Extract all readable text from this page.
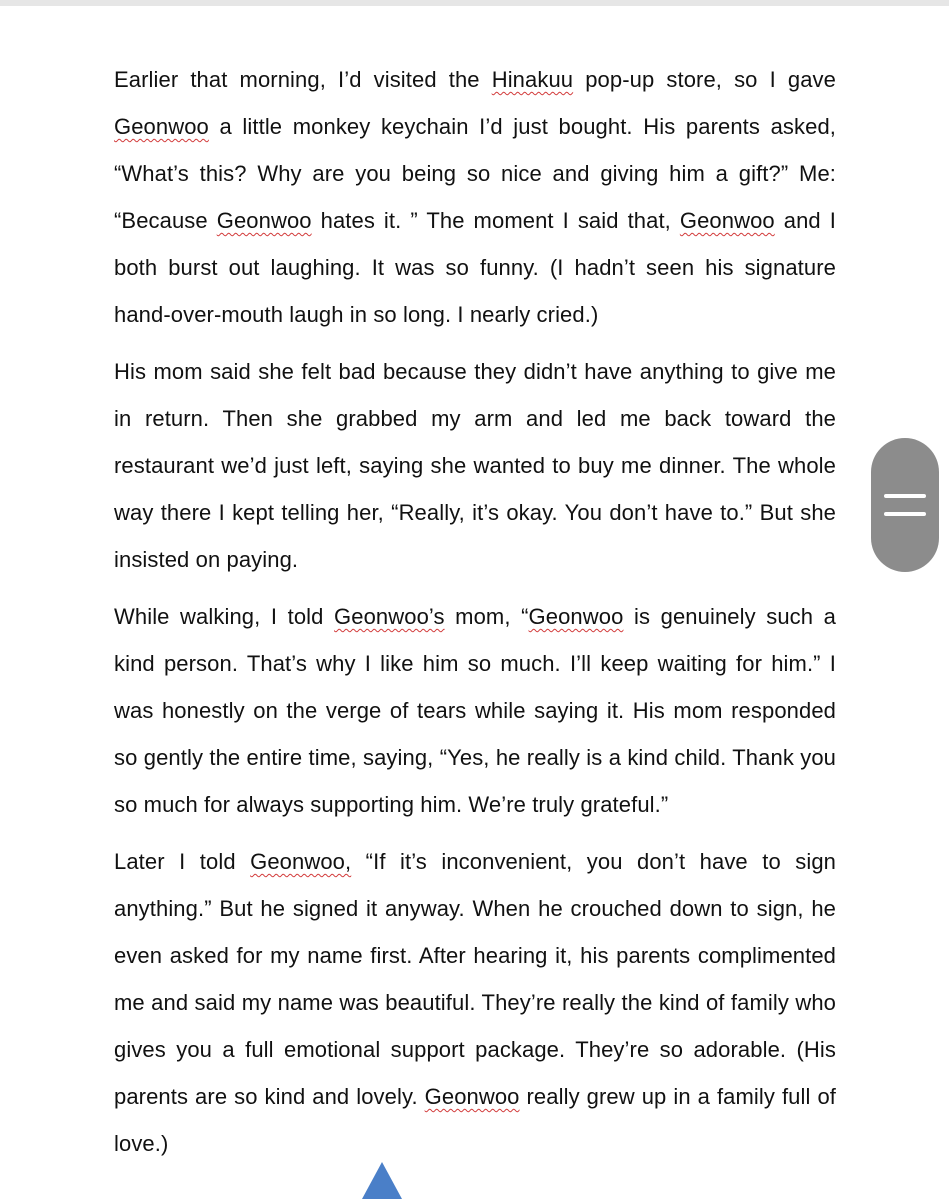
Earlier that morning, I’d visited the Hinakuu pop-up store, so I gave Geonwoo a little monkey keychain I’d just bought. His parents asked, “What’s this? Why are you being so nice and giving him a gift?” Me: “Because Geonwoo hates it. ” The moment I said that, Geonwoo and I both burst out laughing. It was so funny. (I hadn’t seen his signature hand-over-mouth laugh in so long. I nearly cried.)

His mom said she felt bad because they didn’t have anything to give me in return. Then she grabbed my arm and led me back toward the restaurant we’d just left, saying she wanted to buy me dinner. The whole way there I kept telling her, “Really, it’s okay. You don’t have to.” But she insisted on paying.

While walking, I told Geonwoo’s mom, “Geonwoo is genuinely such a kind person. That’s why I like him so much. I’ll keep waiting for him.” I was honestly on the verge of tears while saying it. His mom responded so gently the entire time, saying, “Yes, he really is a kind child. Thank you so much for always supporting him. We’re truly grateful.”

Later I told Geonwoo, “If it’s inconvenient, you don’t have to sign anything.” But he signed it anyway. When he crouched down to sign, he even asked for my name first. After hearing it, his parents complimented me and said my name was beautiful. They’re really the kind of family who gives you a full emotional support package. They’re so adorable. (His parents are so kind and lovely. Geonwoo really grew up in a family full of love.)
